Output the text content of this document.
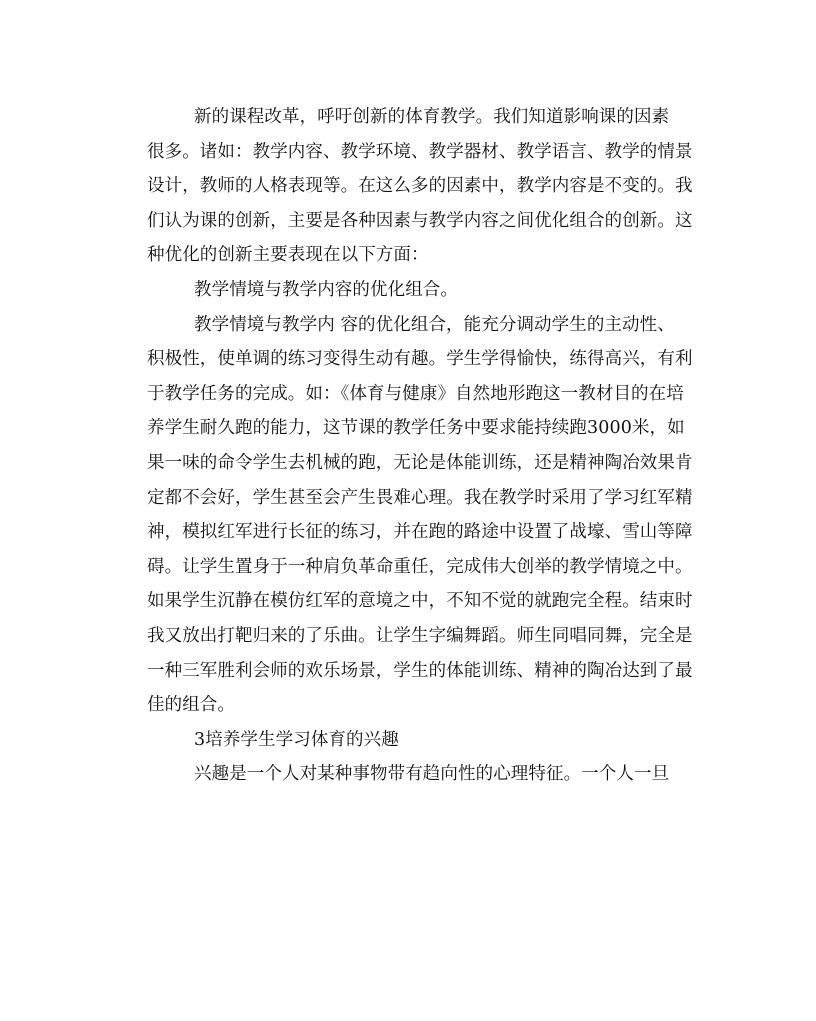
新的课程改革，呼吁创新的体育教学。我们知道影响课的因素
很多。诸如：教学内容、教学环境、教学器材、教学语言、教学的情景
设计，教师的人格表现等。在这么多的因素中，教学内容是不变的。我
们认为课的创新，主要是各种因素与教学内容之间优化组合的创新。这
种优化的创新主要表现在以下方面：
教学情境与教学内容的优化组合。
教学情境与教学内 容的优化组合，能充分调动学生的主动性、
积极性，使单调的练习变得生动有趣。学生学得愉快，练得高兴，有利
于教学任务的完成。如：《体育与健康》自然地形跑这一教材目的在培
养学生耐久跑的能力，这节课的教学任务中要求能持续跑3000米，如
果一味的命令学生去机械的跑，无论是体能训练，还是精神陶冶效果肯
定都不会好，学生甚至会产生畏难心理。我在教学时采用了学习红军精
神，模拟红军进行长征的练习，并在跑的路途中设置了战壕、雪山等障
碍。让学生置身于一种肩负革命重任，完成伟大创举的教学情境之中。
如果学生沉静在模仿红军的意境之中，不知不觉的就跑完全程。结束时
我又放出打靶归来的了乐曲。让学生字编舞蹈。师生同唱同舞，完全是
一种三军胜利会师的欢乐场景，学生的体能训练、精神的陶冶达到了最
佳的组合。
3培养学生学习体育的兴趣
兴趣是一个人对某种事物带有趋向性的心理特征。一个人一旦
